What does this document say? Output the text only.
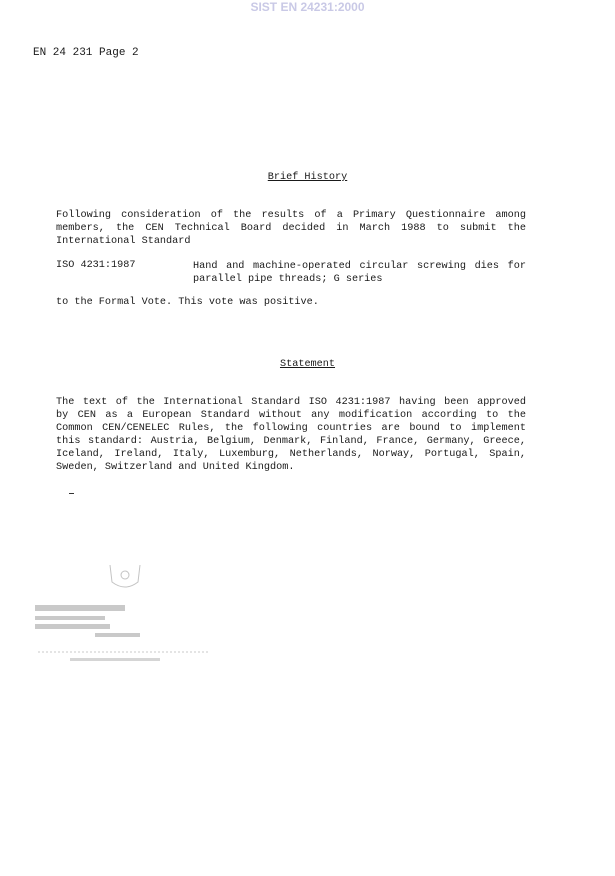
SIST EN 24231:2000
EN 24 231 Page 2
Brief History
Following consideration of the results of a Primary Questionnaire among
members, the CEN Technical Board decided in March 1988 to submit the
International Standard
ISO 4231:1987	Hand and machine-operated circular screwing dies for
parallel pipe threads; G series
to the Formal Vote. This vote was positive.
Statement
The text of the International Standard ISO 4231:1987 having been approved
by CEN as a European Standard without any modification according to the
Common CEN/CENELEC Rules, the following countries are bound to implement
this standard: Austria, Belgium, Denmark, Finland, France, Germany, Greece,
Iceland, Ireland, Italy, Luxemburg, Netherlands, Norway, Portugal, Spain,
Sweden, Switzerland and United Kingdom.
